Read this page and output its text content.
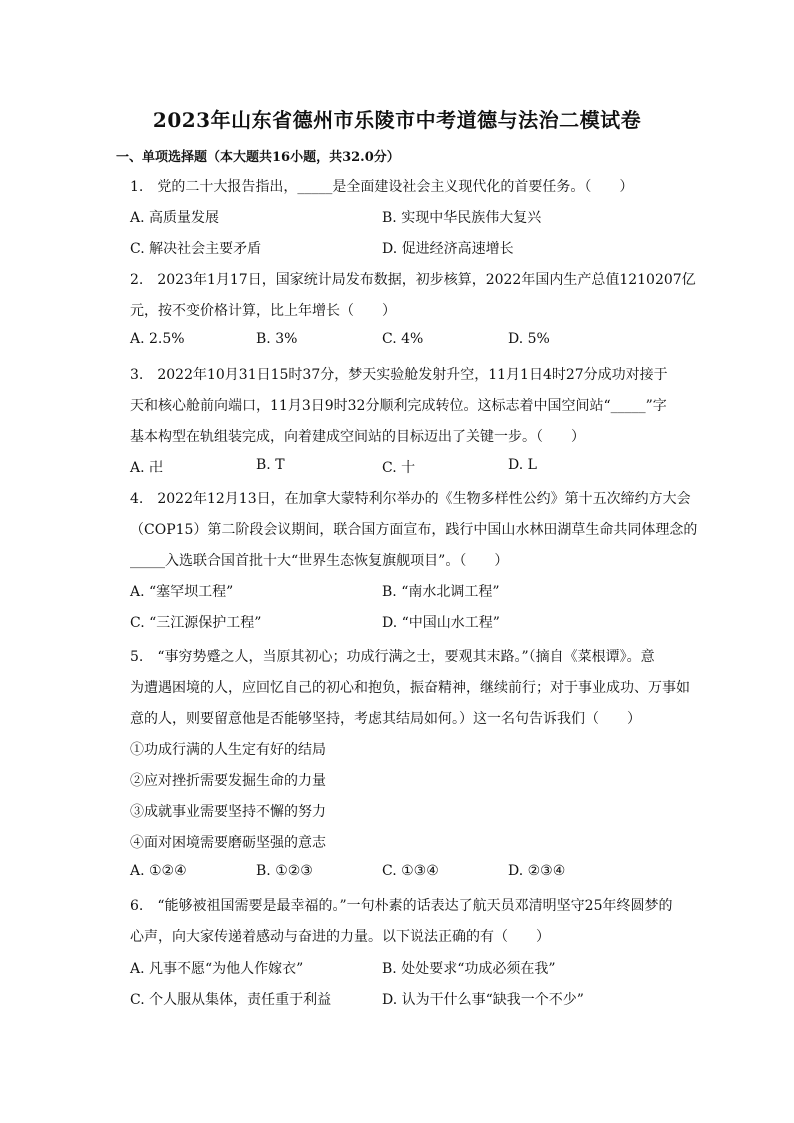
2023年山东省德州市乐陵市中考道德与法治二模试卷
一、单项选择题（本大题共16小题，共32.0分）
1.　党的二十大报告指出，_____是全面建设社会主义现代化的首要任务。（　　）
A. 高质量发展	B. 实现中华民族伟大复兴
C. 解决社会主要矛盾	D. 促进经济高速增长
2.　2023年1月17日，国家统计局发布数据，初步核算，2022年国内生产总值1210207亿
元，按不变价格计算，比上年增长（　　）
A. 2.5%	B. 3%	C. 4%	D. 5%
3.　2022年10月31日15时37分，梦天实验舱发射升空，11月1日4时27分成功对接于
天和核心舱前向端口，11月3日9时32分顺利完成转位。这标志着中国空间站“_____”字
基本构型在轨组装完成，向着建成空间站的目标迈出了关键一步。（　　）
A. 卍	B. T	C. 十	D. L
4.　2022年12月13日，在加拿大蒙特利尔举办的《生物多样性公约》第十五次缔约方大会
（COP15）第二阶段会议期间，联合国方面宣布，践行中国山水林田湖草生命共同体理念的
_____入选联合国首批十大“世界生态恢复旗舰项目”。（　　）
A. “塞罕坝工程”	B. “南水北调工程”
C. “三江源保护工程”	D. “中国山水工程”
5.　“事穷势蹙之人，当原其初心；功成行满之士，要观其末路。”（摘自《菜根谭》。意
为遭遇困境的人，应回忆自己的初心和抱负，振奋精神，继续前行；对于事业成功、万事如
意的人，则要留意他是否能够坚持，考虑其结局如何。）这一名句告诉我们（　　）
①功成行满的人生定有好的结局
②应对挫折需要发掘生命的力量
③成就事业需要坚持不懈的努力
④面对困境需要磨砺坚强的意志
A. ①②④	B. ①②③	C. ①③④	D. ②③④
6.　“能够被祖国需要是最幸福的。”一句朴素的话表达了航天员邓清明坚守25年终圆梦的
心声，向大家传递着感动与奋进的力量。以下说法正确的有（　　）
A. 凡事不愿“为他人作嫁衣”	B. 处处要求“功成必须在我”
C. 个人服从集体，责任重于利益	D. 认为干什么事“缺我一个不少”
